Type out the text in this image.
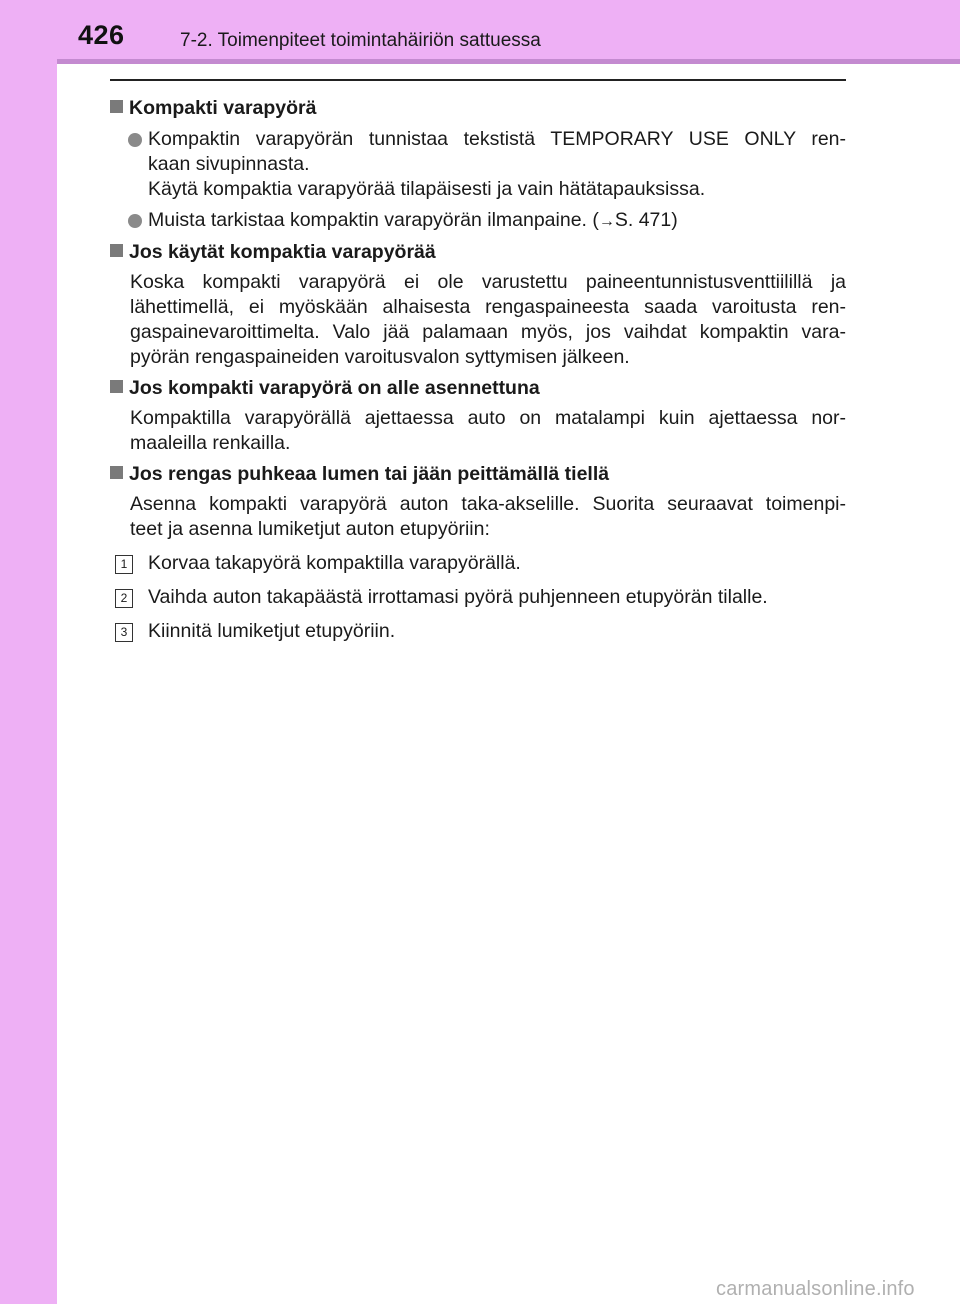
426	7-2. Toimenpiteet toimintahäiriön sattuessa
Kompakti varapyörä
Kompaktin varapyörän tunnistaa tekstistä TEMPORARY USE ONLY ren-
kaan sivupinnasta.
Käytä kompaktia varapyörää tilapäisesti ja vain hätätapauksissa.
Muista tarkistaa kompaktin varapyörän ilmanpaine. (→S. 471)
Jos käytät kompaktia varapyörää
Koska kompakti varapyörä ei ole varustettu paineentunnistusventtiilillä ja
lähettimellä, ei myöskään alhaisesta rengaspaineesta saada varoitusta ren-
gaspainevaroittimelta. Valo jää palamaan myös, jos vaihdat kompaktin vara-
pyörän rengaspaineiden varoitusvalon syttymisen jälkeen.
Jos kompakti varapyörä on alle asennettuna
Kompaktilla varapyörällä ajettaessa auto on matalampi kuin ajettaessa nor-
maaleilla renkailla.
Jos rengas puhkeaa lumen tai jään peittämällä tiellä
Asenna kompakti varapyörä auton taka-akselille. Suorita seuraavat toimenpi-
teet ja asenna lumiketjut auton etupyöriin:
1 Korvaa takapyörä kompaktilla varapyörällä.
2 Vaihda auton takapäästä irrottamasi pyörä puhjenneen etupyörän tilalle.
3 Kiinnitä lumiketjut etupyöriin.
carmanualsonline.info
